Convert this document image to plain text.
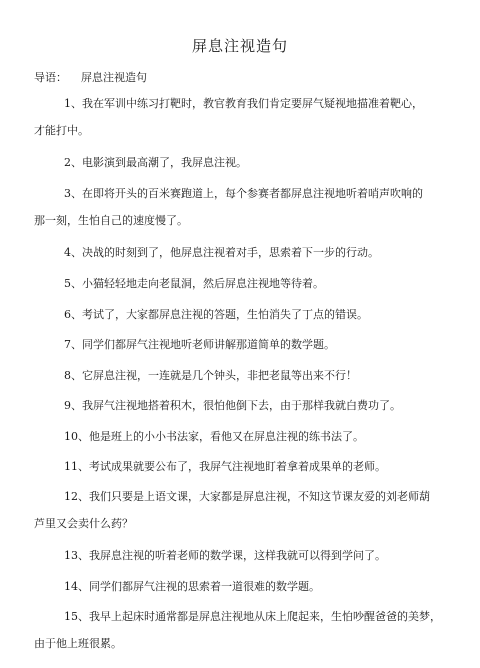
屏息注视造句
导语： 屏息注视造句
1、我在军训中练习打靶时，教官教育我们肯定要屏气疑视地描准着靶心，
才能打中。
2、电影演到最高潮了，我屏息注视。
3、在即将开头的百米赛跑道上，每个参赛者都屏息注视地听着哨声吹响的
那一刻，生怕自己的速度慢了。
4、决战的时刻到了，他屏息注视着对手，思索着下一步的行动。
5、小猫轻轻地走向老鼠洞，然后屏息注视地等待着。
6、考试了，大家都屏息注视的答题，生怕消失了丁点的错误。
7、同学们都屏气注视地听老师讲解那道简单的数学题。
8、它屏息注视，一连就是几个钟头，非把老鼠等出来不行！
9、我屏气注视地搭着积木，很怕他倒下去，由于那样我就白费功了。
10、他是班上的小小书法家，看他又在屏息注视的练书法了。
11、考试成果就要公布了，我屏气注视地盯着拿着成果单的老师。
12、我们只要是上语文课，大家都是屏息注视，不知这节课友爱的刘老师葫
芦里又会卖什么药？
13、我屏息注视的听着老师的数学课，这样我就可以得到学问了。
14、同学们都屏气注视的思索着一道很难的数学题。
15、我早上起床时通常都是屏息注视地从床上爬起来，生怕吵醒爸爸的美梦，
由于他上班很累。
